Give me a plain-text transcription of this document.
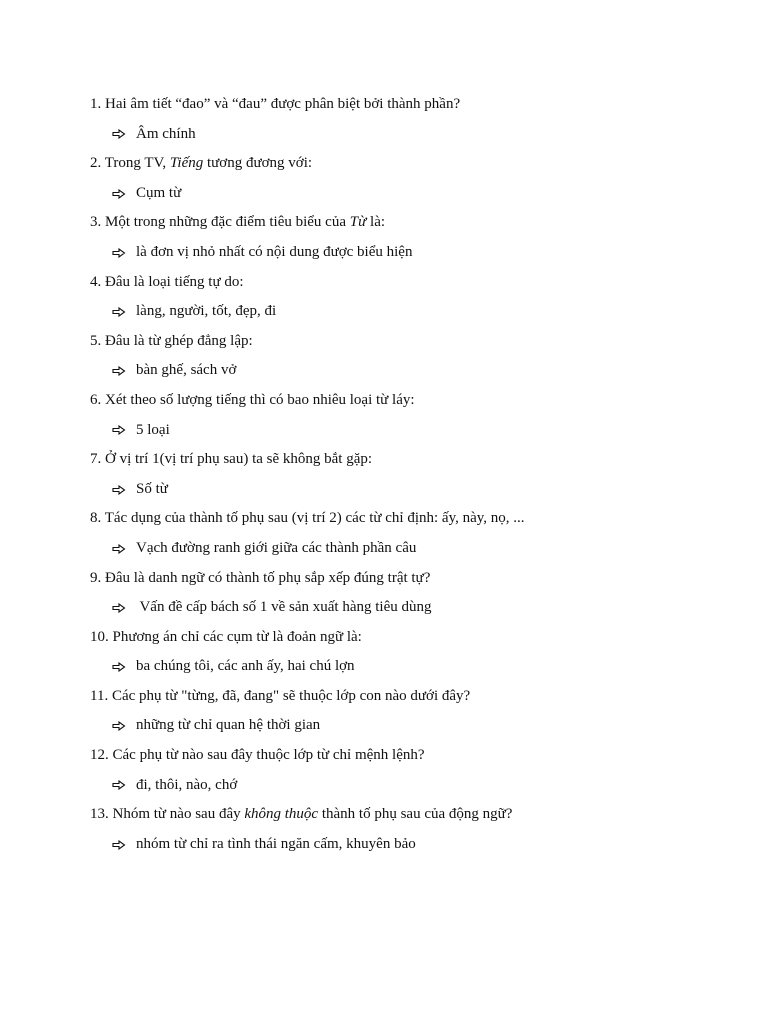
1. Hai âm tiết “đao” và “đau” được phân biệt bởi thành phần?
Âm chính
2. Trong TV, Tiếng tương đương với:
Cụm từ
3. Một trong những đặc điểm tiêu biểu của Từ là:
là đơn vị nhỏ nhất có nội dung được biểu hiện
4. Đâu là loại tiếng tự do:
làng, người, tốt, đẹp, đi
5. Đâu là từ ghép đẳng lập:
bàn ghế, sách vở
6. Xét theo số lượng tiếng thì có bao nhiêu loại từ láy:
5 loại
7. Ở vị trí 1(vị trí phụ sau) ta sẽ không bắt gặp:
Số từ
8. Tác dụng của thành tố phụ sau (vị trí 2) các từ chỉ định: ấy, này, nọ, ...
Vạch đường ranh giới giữa các thành phần câu
9. Đâu là danh ngữ có thành tố phụ sắp xếp đúng trật tự?
Vấn đề cấp bách số 1 về sản xuất hàng tiêu dùng
10. Phương án chỉ các cụm từ là đoản ngữ là:
ba chúng tôi, các anh ấy, hai chú lợn
11. Các phụ từ "từng, đã, đang" sẽ thuộc lớp con nào dưới đây?
những từ chỉ quan hệ thời gian
12. Các phụ từ nào sau đây thuộc lớp từ chỉ mệnh lệnh?
đi, thôi, nào, chớ
13. Nhóm từ nào sau đây không thuộc thành tố phụ sau của động ngữ?
nhóm từ chỉ ra tình thái ngăn cấm, khuyên bảo
